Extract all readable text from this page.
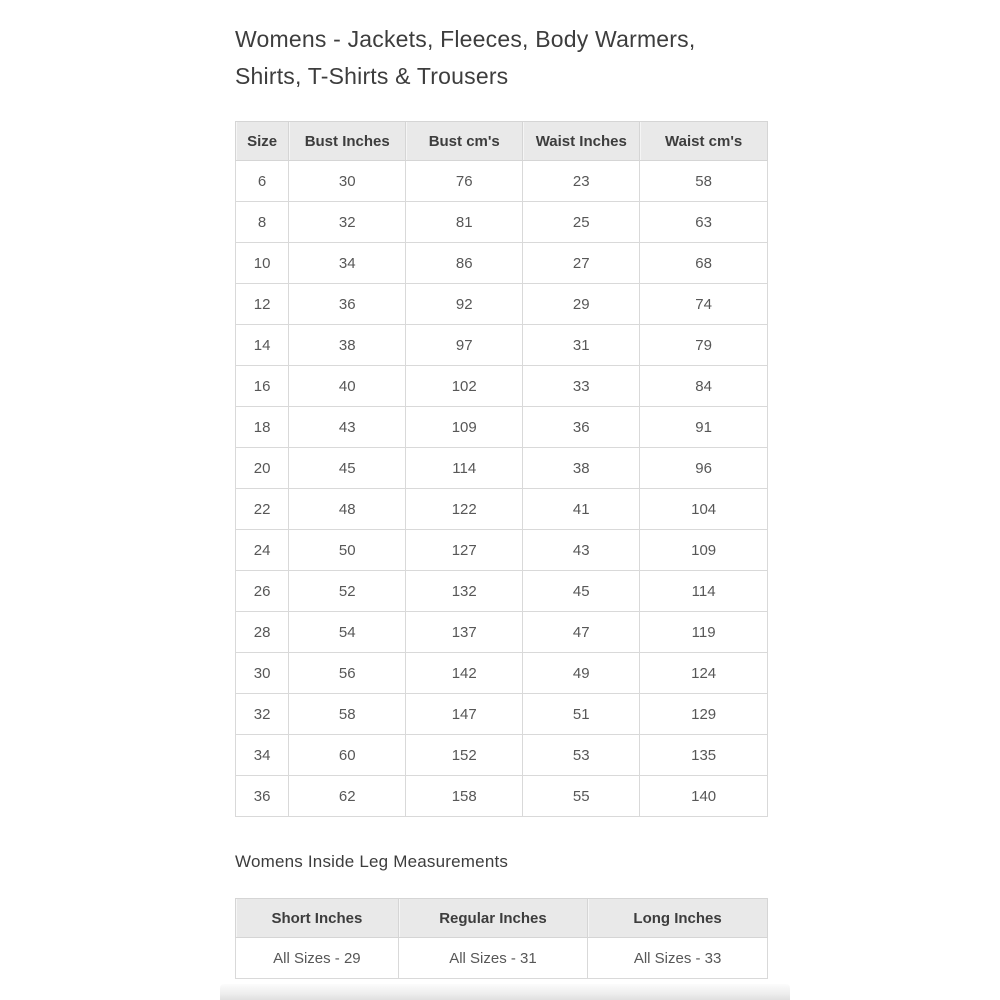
Womens - Jackets, Fleeces, Body Warmers,
Shirts, T-Shirts & Trousers
Size	Bust Inches	Bust cm's	Waist Inches	Waist cm's
6	30	76	23	58
8	32	81	25	63
10	34	86	27	68
12	36	92	29	74
14	38	97	31	79
16	40	102	33	84
18	43	109	36	91
20	45	114	38	96
22	48	122	41	104
24	50	127	43	109
26	52	132	45	114
28	54	137	47	119
30	56	142	49	124
32	58	147	51	129
34	60	152	53	135
36	62	158	55	140
Womens Inside Leg Measurements
Short Inches	Regular Inches	Long Inches
All Sizes - 29	All Sizes - 31	All Sizes - 33
